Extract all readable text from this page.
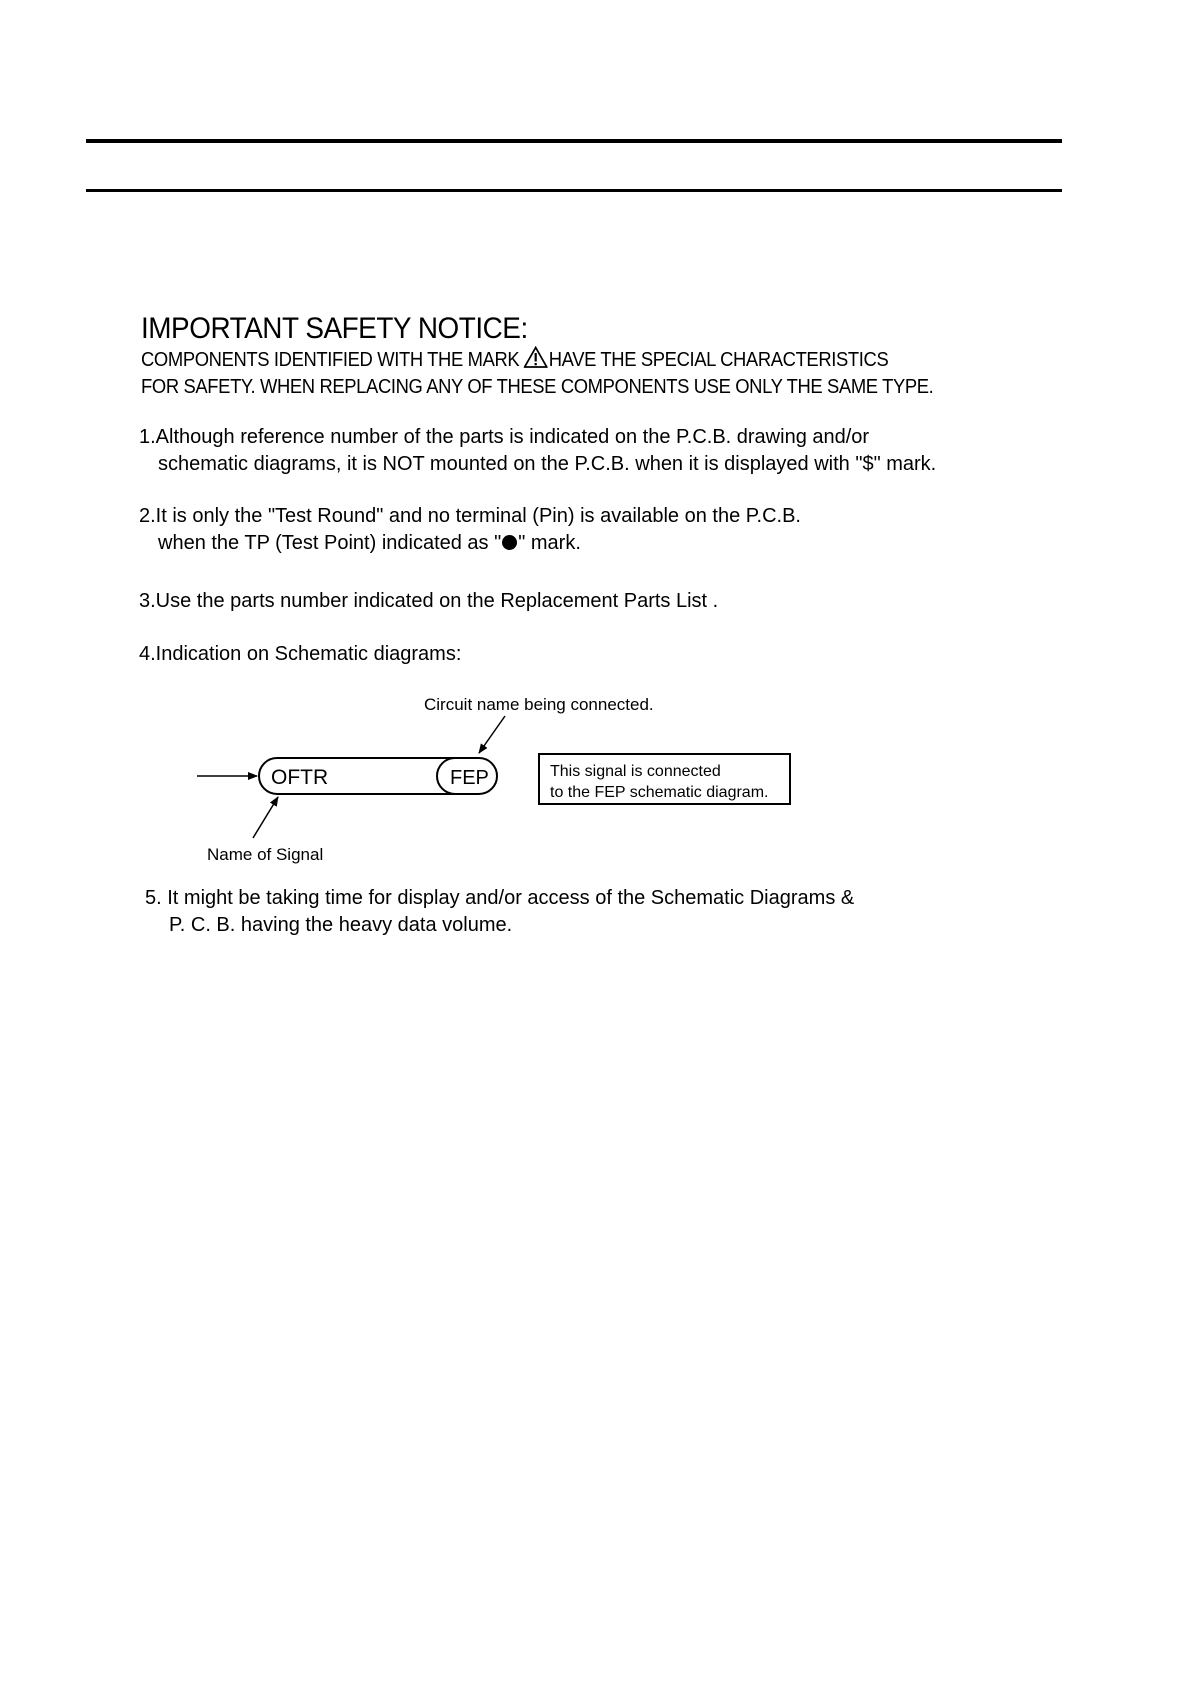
IMPORTANT SAFETY NOTICE:
COMPONENTS IDENTIFIED WITH THE MARK HAVE THE SPECIAL CHARACTERISTICS
FOR SAFETY. WHEN REPLACING ANY OF THESE COMPONENTS USE ONLY THE SAME TYPE.
1.Although reference number of the parts is indicated on the P.C.B. drawing and/or
schematic diagrams, it is NOT mounted on the P.C.B. when it is displayed with "$" mark.
2.It is only the "Test Round" and no terminal (Pin) is available on the P.C.B.
when the TP (Test Point) indicated as " " mark.
3.Use the parts number indicated on the Replacement Parts List .
4.Indication on Schematic diagrams:
OFTR	FEP
Circuit name being connected.
Name of Signal
This signal is connected
to the FEP schematic diagram.
5. It might be taking time for display and/or access of the Schematic Diagrams &
P. C. B. having the heavy data volume.
